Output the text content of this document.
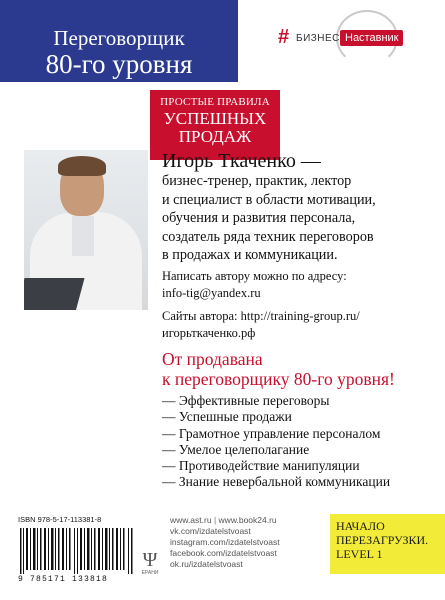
Переговорщик
80-го уровня
# БИЗНЕС Наставник
ПРОСТЫЕ ПРАВИЛА
УСПЕШНЫХ
ПРОДАЖ
Игорь Ткаченко —
бизнес-тренер, практик, лектор
и специалист в области мотивации,
обучения и развития персонала,
создатель ряда техник переговоров
в продажах и коммуникации.
Написать автору можно по адресу:
info-tig@yandex.ru
Сайты автора: http://training-group.ru/
игорьткаченко.рф
От продавана
к переговорщику 80-го уровня!
— Эффективные переговоры
— Успешные продажи
— Грамотное управление персоналом
— Умелое целеполагание
— Противодействие манипуляции
— Знание невербальной коммуникации
ISBN 978-5-17-113381-8
9 785171 133818
Ψ
ЕРАНИ
www.ast.ru | www.book24.ru
vk.com/izdatelstvoast
instagram.com/izdatelstvoast
facebook.com/izdatelstvoast
ok.ru/izdatelstvoast
НАЧАЛО
ПЕРЕЗАГРУЗКИ.
LEVEL 1
